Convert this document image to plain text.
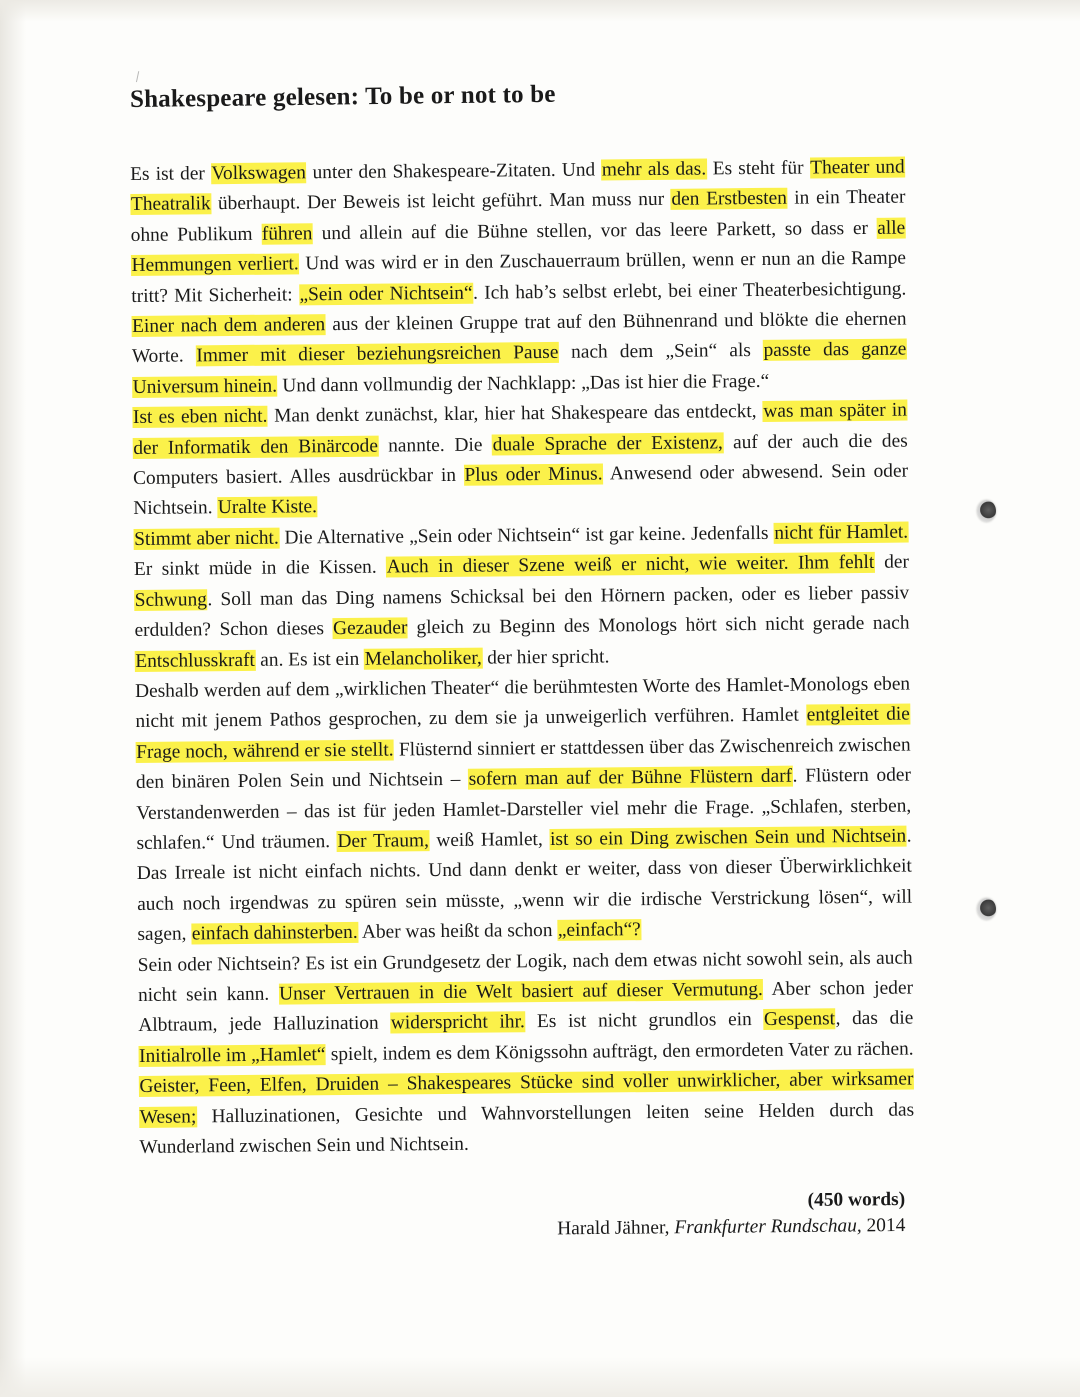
Shakespeare gelesen: To be or not to be

Es ist der Volkswagen unter den Shakespeare-Zitaten. Und mehr als das. Es steht für Theater und Theatralik überhaupt. Der Beweis ist leicht geführt. Man muss nur den Erstbesten in ein Theater ohne Publikum führen und allein auf die Bühne stellen, vor das leere Parkett, so dass er alle Hemmungen verliert. Und was wird er in den Zuschauerraum brüllen, wenn er nun an die Rampe tritt? Mit Sicherheit: „Sein oder Nichtsein“. Ich hab’s selbst erlebt, bei einer Theaterbesichtigung. Einer nach dem anderen aus der kleinen Gruppe trat auf den Bühnenrand und blökte die ehernen Worte. Immer mit dieser beziehungsreichen Pause nach dem „Sein“ als passte das ganze Universum hinein. Und dann vollmundig der Nachklapp: „Das ist hier die Frage.“

Ist es eben nicht. Man denkt zunächst, klar, hier hat Shakespeare das entdeckt, was man später in der Informatik den Binärcode nannte. Die duale Sprache der Existenz, auf der auch die des Computers basiert. Alles ausdrückbar in Plus oder Minus. Anwesend oder abwesend. Sein oder Nichtsein. Uralte Kiste.

Stimmt aber nicht. Die Alternative „Sein oder Nichtsein“ ist gar keine. Jedenfalls nicht für Hamlet. Er sinkt müde in die Kissen. Auch in dieser Szene weiß er nicht, wie weiter. Ihm fehlt der Schwung. Soll man das Ding namens Schicksal bei den Hörnern packen, oder es lieber passiv erdulden? Schon dieses Gezauder gleich zu Beginn des Monologs hört sich nicht gerade nach Entschlusskraft an. Es ist ein Melancholiker, der hier spricht.

Deshalb werden auf dem „wirklichen Theater“ die berühmtesten Worte des Hamlet-Monologs eben nicht mit jenem Pathos gesprochen, zu dem sie ja unweigerlich verführen. Hamlet entgleitet die Frage noch, während er sie stellt. Flüsternd sinniert er stattdessen über das Zwischenreich zwischen den binären Polen Sein und Nichtsein – sofern man auf der Bühne Flüstern darf. Flüstern oder Verstandenwerden – das ist für jeden Hamlet-Darsteller viel mehr die Frage. „Schlafen, sterben, schlafen.“ Und träumen. Der Traum, weiß Hamlet, ist so ein Ding zwischen Sein und Nichtsein. Das Irreale ist nicht einfach nichts. Und dann denkt er weiter, dass von dieser Überwirklichkeit auch noch irgendwas zu spüren sein müsste, „wenn wir die irdische Verstrickung lösen“, will sagen, einfach dahinsterben. Aber was heißt da schon „einfach“?

Sein oder Nichtsein? Es ist ein Grundgesetz der Logik, nach dem etwas nicht sowohl sein, als auch nicht sein kann. Unser Vertrauen in die Welt basiert auf dieser Vermutung. Aber schon jeder Albtraum, jede Halluzination widerspricht ihr. Es ist nicht grundlos ein Gespenst, das die Initialrolle im „Hamlet“ spielt, indem es dem Königssohn aufträgt, den ermordeten Vater zu rächen. Geister, Feen, Elfen, Druiden – Shakespeares Stücke sind voller unwirklicher, aber wirksamer Wesen; Halluzinationen, Gesichte und Wahnvorstellungen leiten seine Helden durch das Wunderland zwischen Sein und Nichtsein.

(450 words)
Harald Jähner, Frankfurter Rundschau, 2014
